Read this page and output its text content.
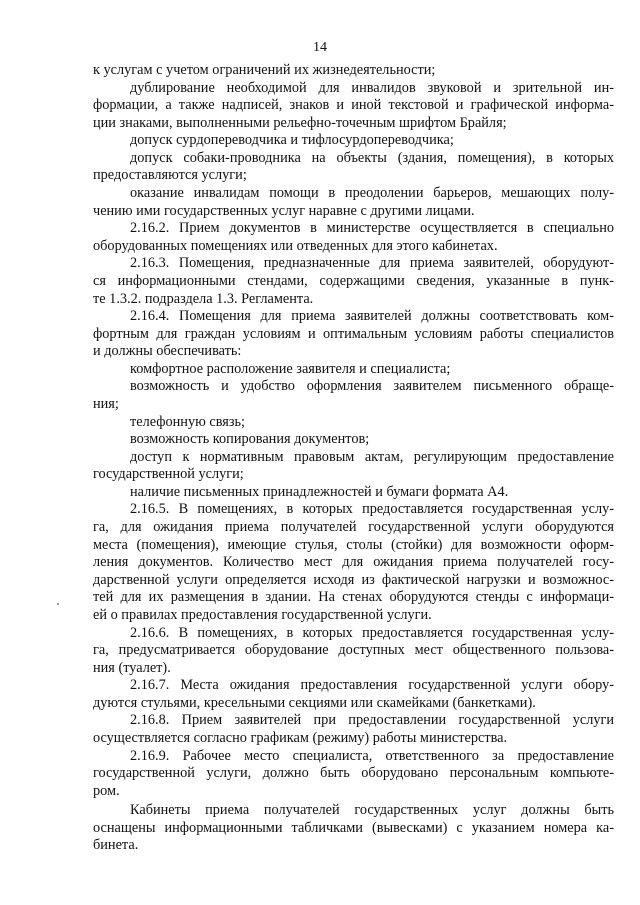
14
к услугам с учетом ограничений их жизнедеятельности;
дублирование необходимой для инвалидов звуковой и зрительной ин-
формации, а также надписей, знаков и иной текстовой и графической информа-
ции знаками, выполненными рельефно-точечным шрифтом Брайля;
допуск сурдопереводчика и тифлосурдопереводчика;
допуск собаки-проводника на объекты (здания, помещения), в которых
предоставляются услуги;
оказание инвалидам помощи в преодолении барьеров, мешающих полу-
чению ими государственных услуг наравне с другими лицами.
2.16.2. Прием документов в министерстве осуществляется в специально
оборудованных помещениях или отведенных для этого кабинетах.
2.16.3. Помещения, предназначенные для приема заявителей, оборудуют-
ся информационными стендами, содержащими сведения, указанные в пунк-
те 1.3.2. подраздела 1.3. Регламента.
2.16.4. Помещения для приема заявителей должны соответствовать ком-
фортным для граждан условиям и оптимальным условиям работы специалистов
и должны обеспечивать:
комфортное расположение заявителя и специалиста;
возможность и удобство оформления заявителем письменного обраще-
ния;
телефонную связь;
возможность копирования документов;
доступ к нормативным правовым актам, регулирующим предоставление
государственной услуги;
наличие письменных принадлежностей и бумаги формата А4.
2.16.5. В помещениях, в которых предоставляется государственная услу-
га, для ожидания приема получателей государственной услуги оборудуются
места (помещения), имеющие стулья, столы (стойки) для возможности оформ-
ления документов. Количество мест для ожидания приема получателей госу-
дарственной услуги определяется исходя из фактической нагрузки и возможнос-
тей для их размещения в здании. На стенах оборудуются стенды с информаци-
ей о правилах предоставления государственной услуги.
2.16.6. В помещениях, в которых предоставляется государственная услу-
га, предусматривается оборудование доступных мест общественного пользова-
ния (туалет).
2.16.7. Места ожидания предоставления государственной услуги обору-
дуются стульями, кресельными секциями или скамейками (банкетками).
2.16.8. Прием заявителей при предоставлении государственной услуги
осуществляется согласно графикам (режиму) работы министерства.
2.16.9. Рабочее место специалиста, ответственного за предоставление
государственной услуги, должно быть оборудовано персональным компьюте-
ром.
Кабинеты приема получателей государственных услуг должны быть
оснащены информационными табличками (вывесками) с указанием номера ка-
бинета.
